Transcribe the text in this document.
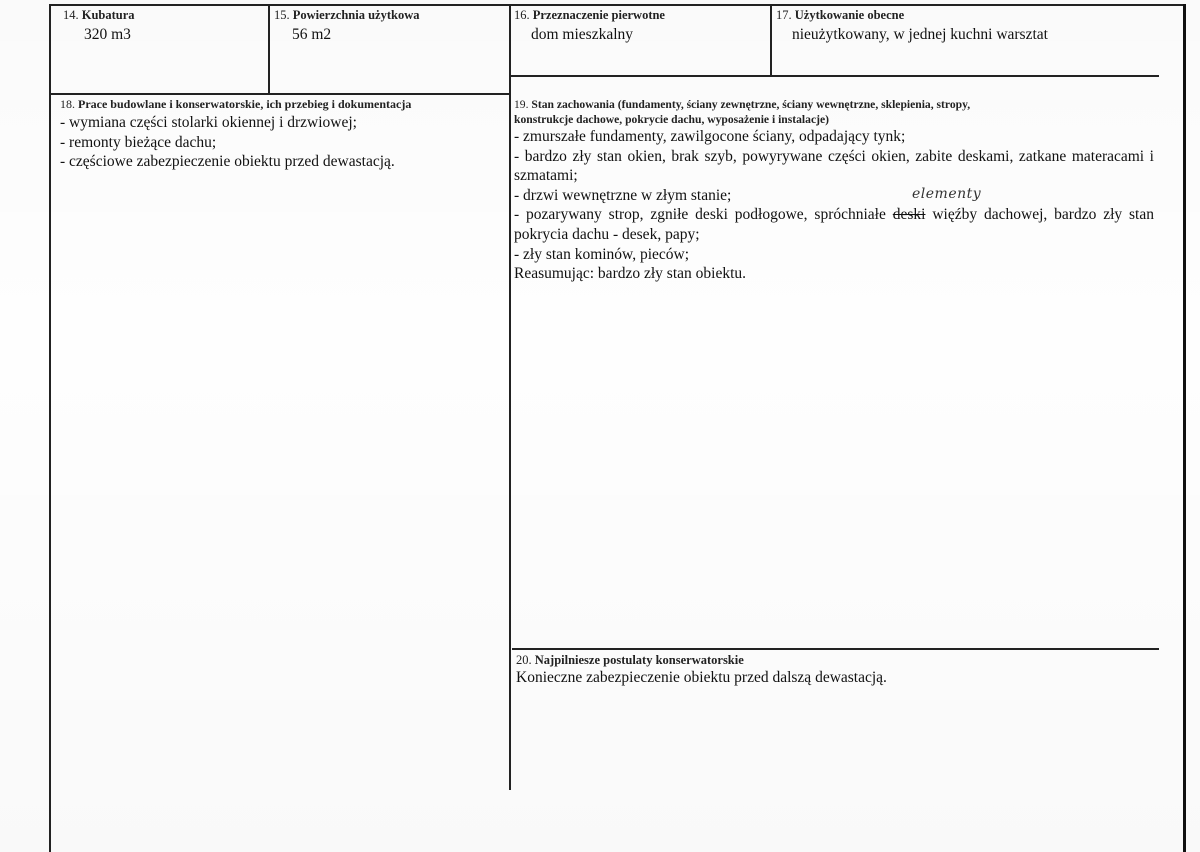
14. Kubatura
320 m3
15. Powierzchnia użytkowa
56 m2
16. Przeznaczenie pierwotne
dom mieszkalny
17. Użytkowanie obecne
nieużytkowany, w jednej kuchni warsztat
18. Prace budowlane i konserwatorskie, ich przebieg i dokumentacja
- wymiana części stolarki okiennej i drzwiowej;
- remonty bieżące dachu;
- częściowe zabezpieczenie obiektu przed dewastacją.
19. Stan zachowania (fundamenty, ściany zewnętrzne, ściany wewnętrzne, sklepienia, stropy,
konstrukcje dachowe, pokrycie dachu, wyposażenie i instalacje)
- zmurszałe fundamenty, zawilgocone ściany, odpadający tynk;
- bardzo zły stan okien, brak szyb, powyrywane części okien, zabite deskami, zatkane materacami i szmatami;
- drzwi wewnętrzne w złym stanie;
- pozarywany strop, zgniłe deski podłogowe, spróchniałe deski więźby dachowej, bardzo zły stan pokrycia dachu - desek, papy;
- zły stan kominów, pieców;
Reasumując: bardzo zły stan obiektu.
elementy
20. Najpilniesze postulaty konserwatorskie
Konieczne zabezpieczenie obiektu przed dalszą dewastacją.
